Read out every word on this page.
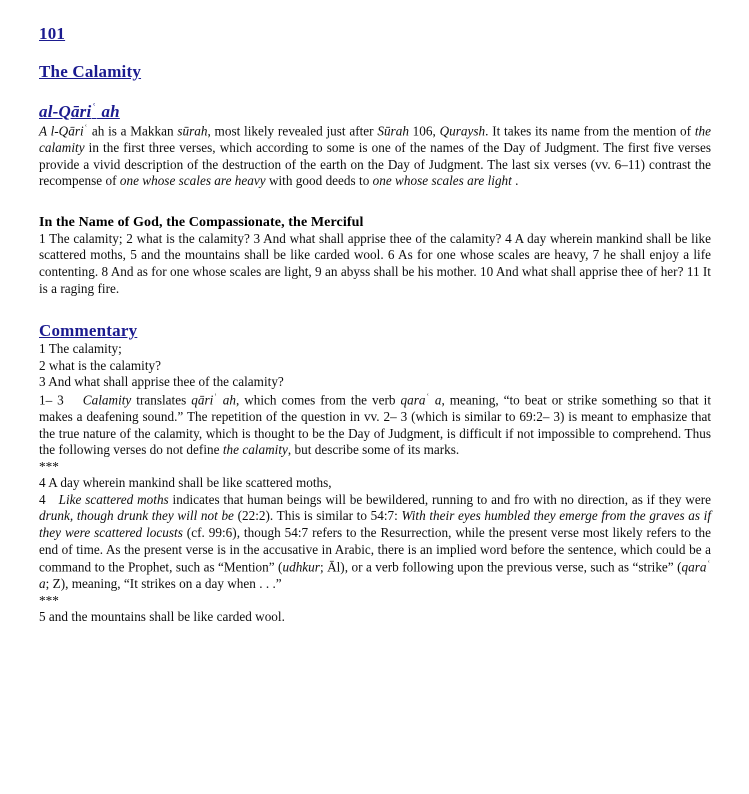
101
The Calamity
al-Qāri$^ʿ$ ah

A l-Qāri$^ʿ$ ah is a Makkan sūrah, most likely revealed just after Sūrah 106, Quraysh. It takes its name from the mention of the calamity in the first three verses, which according to some is one of the names of the Day of Judgment. The first five verses provide a vivid description of the destruction of the earth on the Day of Judgment. The last six verses (vv. 6–11) contrast the recompense of one whose scales are heavy with good deeds to one whose scales are light .

In the Name of God, the Compassionate, the Merciful

1 The calamity; 2 what is the calamity? 3 And what shall apprise thee of the calamity? 4 A day wherein mankind shall be like scattered moths, 5 and the mountains shall be like carded wool. 6 As for one whose scales are heavy, 7 he shall enjoy a life contenting. 8 And as for one whose scales are light, 9 an abyss shall be his mother. 10 And what shall apprise thee of her? 11 It is a raging fire.

Commentary

1 The calamity;

2 what is the calamity?

3 And what shall apprise thee of the calamity?

1– 3 Calamity translates qāri$^ʿ$ ah, which comes from the verb qara$^ʿ$ a, meaning, “to beat or strike something so that it makes a deafening sound.” The repetition of the question in vv. 2– 3 (which is similar to 69:2– 3) is meant to emphasize that the true nature of the calamity, which is thought to be the Day of Judgment, is difficult if not impossible to comprehend. Thus the following verses do not define the calamity, but describe some of its marks.

***

4 A day wherein mankind shall be like scattered moths,

4 Like scattered moths indicates that human beings will be bewildered, running to and fro with no direction, as if they were drunk, though drunk they will not be (22:2). This is similar to 54:7: With their eyes humbled they emerge from the graves as if they were scattered locusts (cf. 99:6), though 54:7 refers to the Resurrection, while the present verse most likely refers to the end of time. As the present verse is in the accusative in Arabic, there is an implied word before the sentence, which could be a command to the Prophet, such as “Mention” (udhkur; Āl), or a verb following upon the previous verse, such as “strike” (qara$^ʿ$ a; Z), meaning, “It strikes on a day when . . .”

***

5 and the mountains shall be like carded wool.
